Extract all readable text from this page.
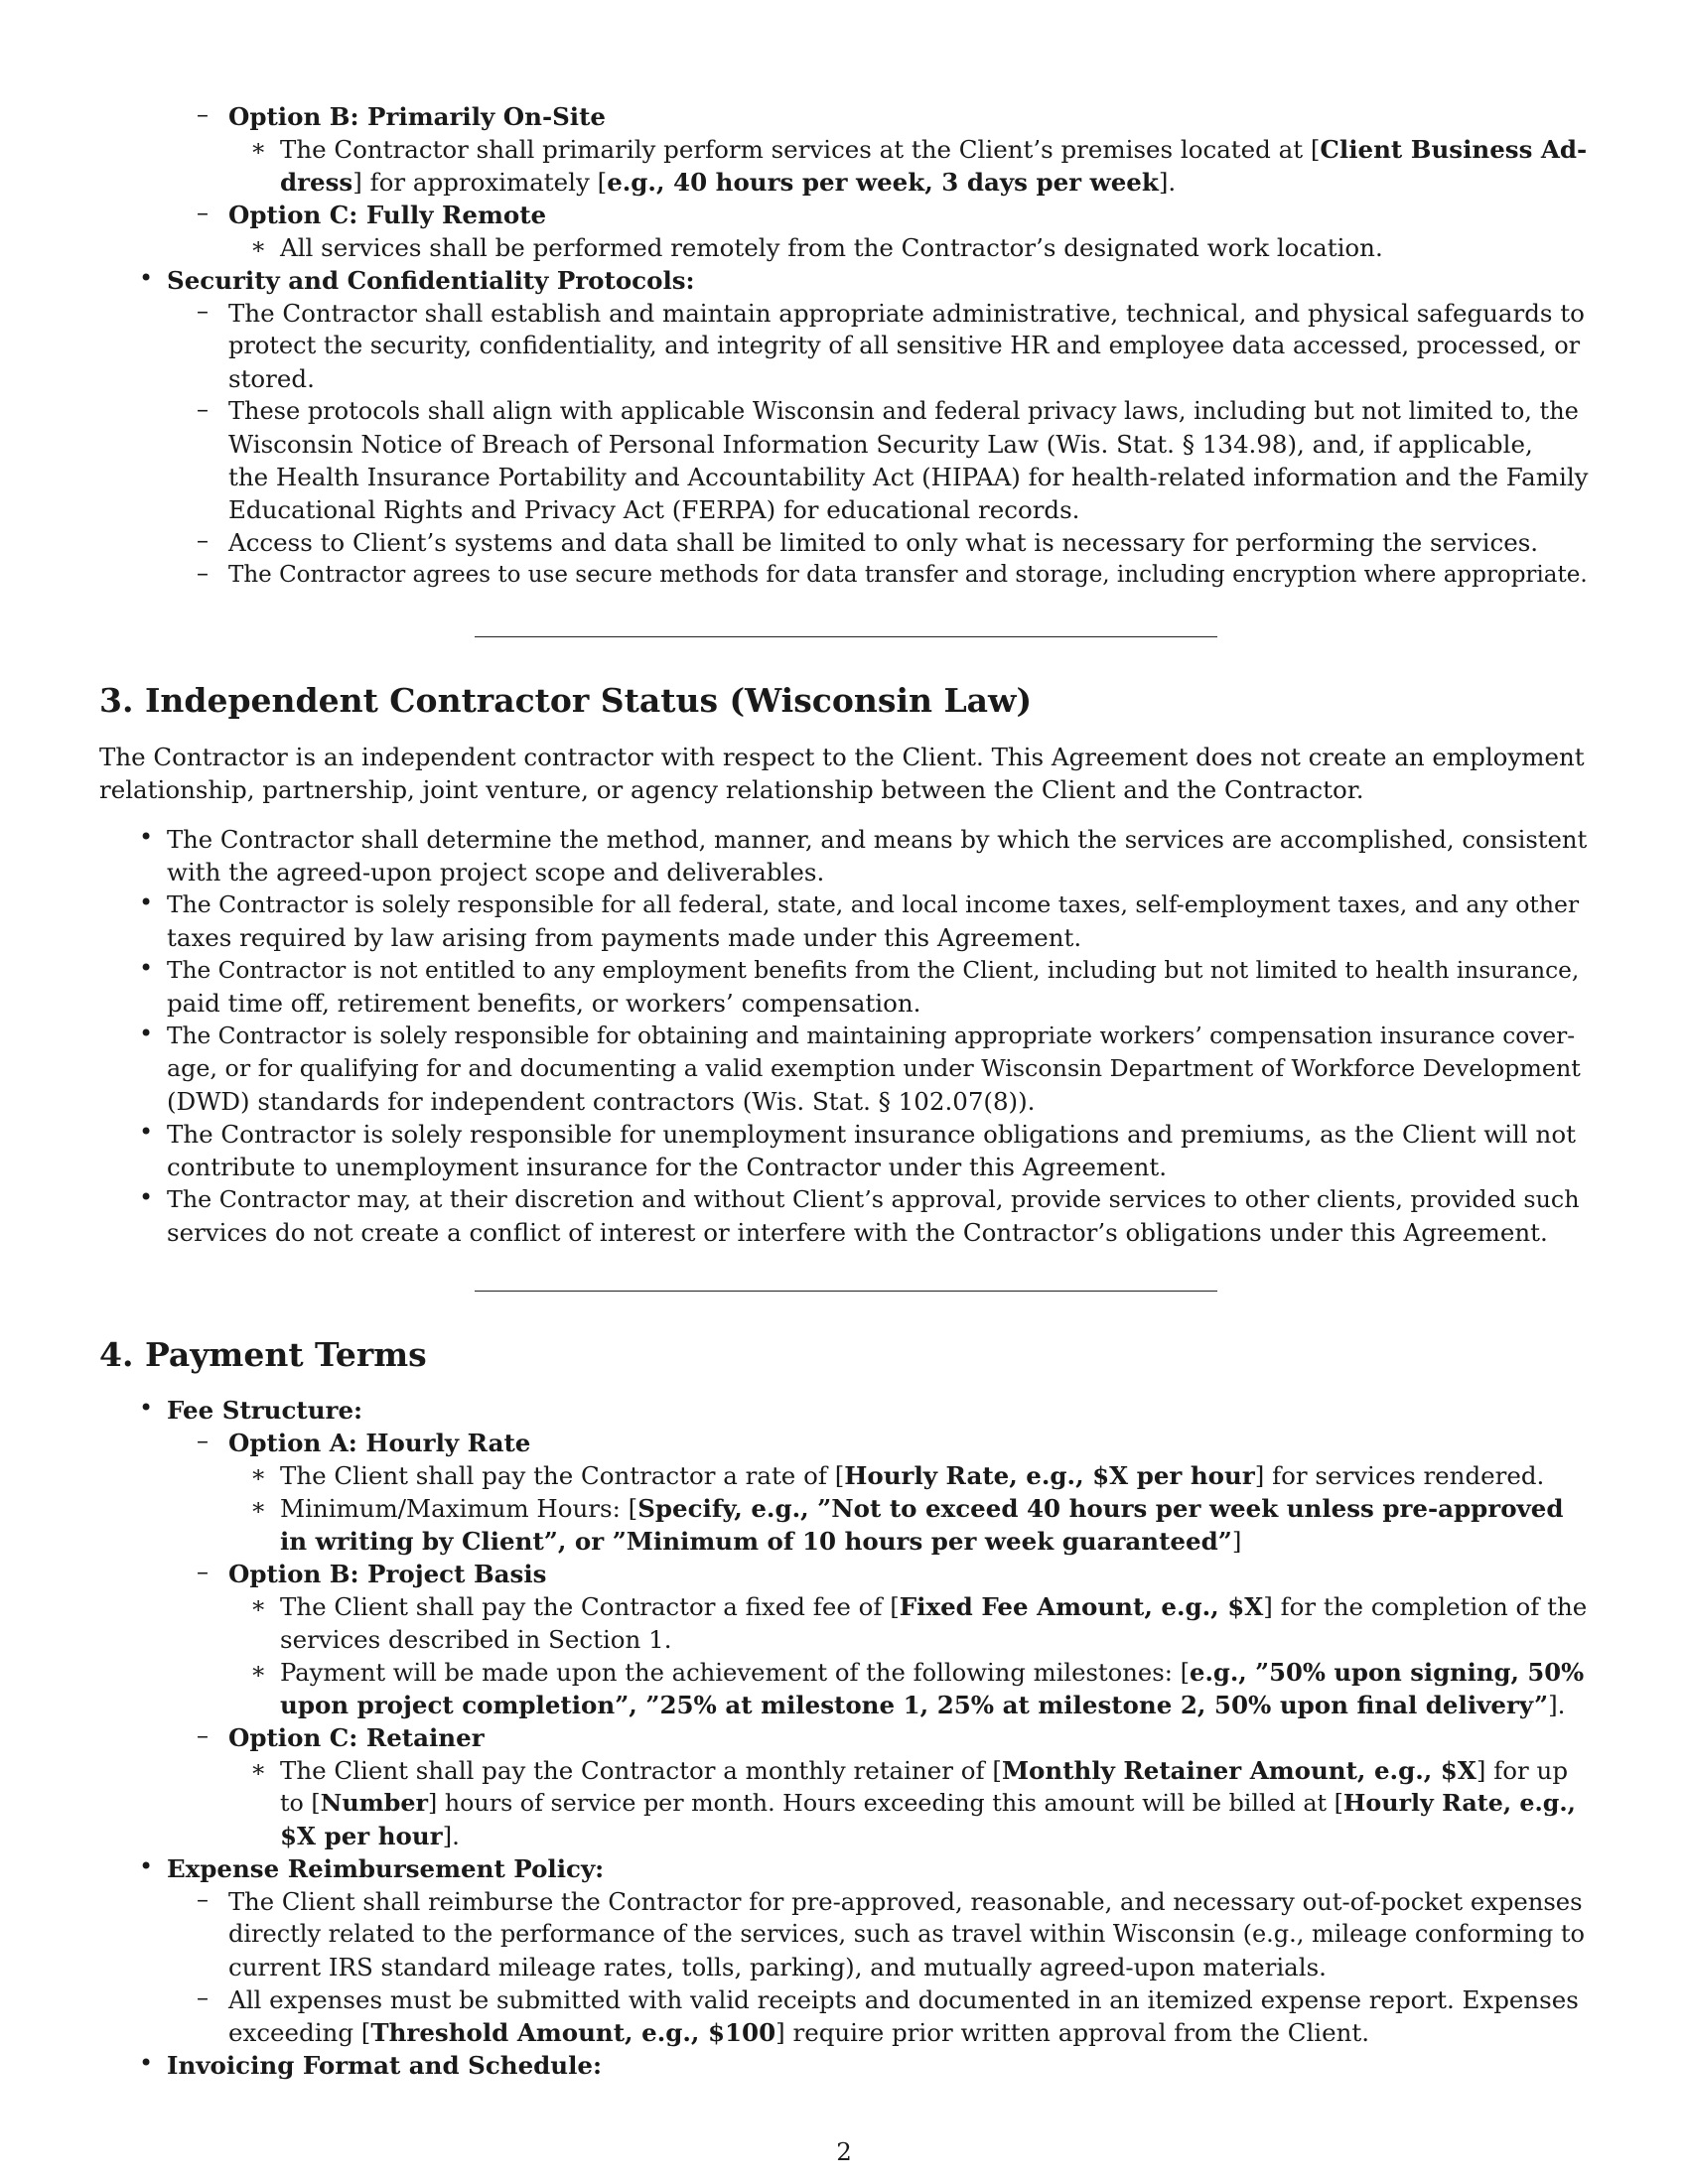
– Option B: Primarily On-Site
∗ The Contractor shall primarily perform services at the Client’s premises located at [Client Business Ad-
dress] for approximately [e.g., 40 hours per week, 3 days per week].
– Option C: Fully Remote
∗ All services shall be performed remotely from the Contractor’s designated work location.
• Security and Confidentiality Protocols:
– The Contractor shall establish and maintain appropriate administrative, technical, and physical safeguards to
protect the security, confidentiality, and integrity of all sensitive HR and employee data accessed, processed, or
stored.
– These protocols shall align with applicable Wisconsin and federal privacy laws, including but not limited to, the
Wisconsin Notice of Breach of Personal Information Security Law (Wis. Stat. § 134.98), and, if applicable,
the Health Insurance Portability and Accountability Act (HIPAA) for health-related information and the Family
Educational Rights and Privacy Act (FERPA) for educational records.
– Access to Client’s systems and data shall be limited to only what is necessary for performing the services.
– The Contractor agrees to use secure methods for data transfer and storage, including encryption where appropriate.
3. Independent Contractor Status (Wisconsin Law)
The Contractor is an independent contractor with respect to the Client. This Agreement does not create an employment
relationship, partnership, joint venture, or agency relationship between the Client and the Contractor.
• The Contractor shall determine the method, manner, and means by which the services are accomplished, consistent
with the agreed-upon project scope and deliverables.
• The Contractor is solely responsible for all federal, state, and local income taxes, self-employment taxes, and any other
taxes required by law arising from payments made under this Agreement.
• The Contractor is not entitled to any employment benefits from the Client, including but not limited to health insurance,
paid time off, retirement benefits, or workers’ compensation.
• The Contractor is solely responsible for obtaining and maintaining appropriate workers’ compensation insurance cover-
age, or for qualifying for and documenting a valid exemption under Wisconsin Department of Workforce Development
(DWD) standards for independent contractors (Wis. Stat. § 102.07(8)).
• The Contractor is solely responsible for unemployment insurance obligations and premiums, as the Client will not
contribute to unemployment insurance for the Contractor under this Agreement.
• The Contractor may, at their discretion and without Client’s approval, provide services to other clients, provided such
services do not create a conflict of interest or interfere with the Contractor’s obligations under this Agreement.
4. Payment Terms
• Fee Structure:
– Option A: Hourly Rate
∗ The Client shall pay the Contractor a rate of [Hourly Rate, e.g., $X per hour] for services rendered.
∗ Minimum/Maximum Hours: [Specify, e.g., ”Not to exceed 40 hours per week unless pre-approved
in writing by Client”, or ”Minimum of 10 hours per week guaranteed”]
– Option B: Project Basis
∗ The Client shall pay the Contractor a fixed fee of [Fixed Fee Amount, e.g., $X] for the completion of the
services described in Section 1.
∗ Payment will be made upon the achievement of the following milestones: [e.g., ”50% upon signing, 50%
upon project completion”, ”25% at milestone 1, 25% at milestone 2, 50% upon final delivery”].
– Option C: Retainer
∗ The Client shall pay the Contractor a monthly retainer of [Monthly Retainer Amount, e.g., $X] for up
to [Number] hours of service per month. Hours exceeding this amount will be billed at [Hourly Rate, e.g.,
$X per hour].
• Expense Reimbursement Policy:
– The Client shall reimburse the Contractor for pre-approved, reasonable, and necessary out-of-pocket expenses
directly related to the performance of the services, such as travel within Wisconsin (e.g., mileage conforming to
current IRS standard mileage rates, tolls, parking), and mutually agreed-upon materials.
– All expenses must be submitted with valid receipts and documented in an itemized expense report. Expenses
exceeding [Threshold Amount, e.g., $100] require prior written approval from the Client.
• Invoicing Format and Schedule:
2
